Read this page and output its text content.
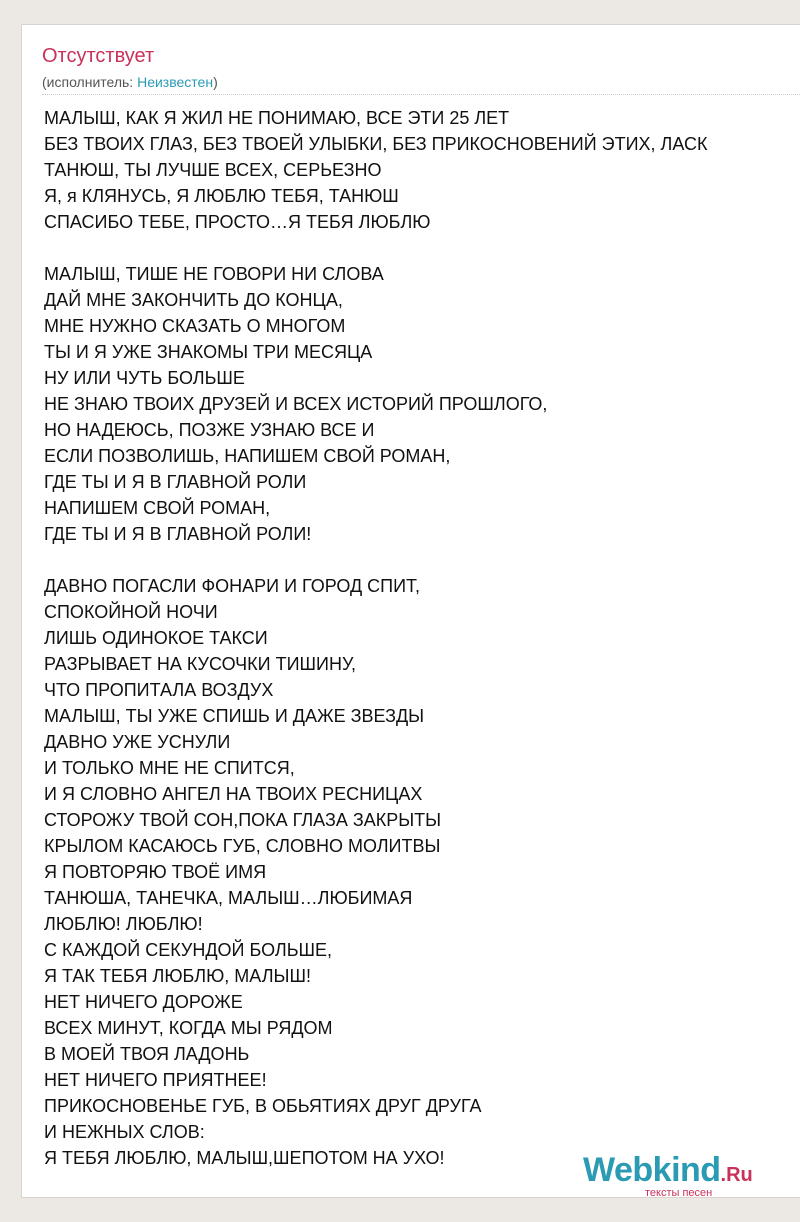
Отсутствует
(исполнитель: Неизвестен)
МАЛЫШ, КАК Я ЖИЛ НЕ ПОНИМАЮ, ВСЕ ЭТИ 25 ЛЕТ
БЕЗ ТВОИХ ГЛАЗ, БЕЗ ТВОЕЙ УЛЫБКИ, БЕЗ ПРИКОСНОВЕНИЙ ЭТИХ, ЛАСК
ТАНЮШ, ТЫ ЛУЧШЕ ВСЕХ, СЕРЬЕЗНО
Я, я КЛЯНУСЬ, Я ЛЮБЛЮ ТЕБЯ, ТАНЮШ
СПАСИБО ТЕБЕ, ПРОСТО…Я ТЕБЯ ЛЮБЛЮ
МАЛЫШ, ТИШЕ НЕ ГОВОРИ НИ СЛОВА
ДАЙ МНЕ ЗАКОНЧИТЬ ДО КОНЦА,
МНЕ НУЖНО СКАЗАТЬ О МНОГОМ
ТЫ И Я УЖЕ ЗНАКОМЫ ТРИ МЕСЯЦА
НУ ИЛИ ЧУТЬ БОЛЬШЕ
НЕ ЗНАЮ ТВОИХ ДРУЗЕЙ И ВСЕХ ИСТОРИЙ ПРОШЛОГО,
НО НАДЕЮСЬ, ПОЗЖЕ УЗНАЮ ВСЕ И
ЕСЛИ ПОЗВОЛИШЬ, НАПИШЕМ СВОЙ РОМАН,
ГДЕ ТЫ И Я В ГЛАВНОЙ РОЛИ
НАПИШЕМ СВОЙ РОМАН,
ГДЕ ТЫ И Я В ГЛАВНОЙ РОЛИ!
ДАВНО ПОГАСЛИ ФОНАРИ И ГОРОД СПИТ,
СПОКОЙНОЙ НОЧИ
ЛИШЬ ОДИНОКОЕ ТАКСИ
РАЗРЫВАЕТ НА КУСОЧКИ ТИШИНУ,
ЧТО ПРОПИТАЛА ВОЗДУХ
МАЛЫШ, ТЫ УЖЕ СПИШЬ И ДАЖЕ ЗВЕЗДЫ
ДАВНО УЖЕ УСНУЛИ
И ТОЛЬКО МНЕ НЕ СПИТСЯ,
И Я СЛОВНО АНГЕЛ НА ТВОИХ РЕСНИЦАХ
СТОРОЖУ ТВОЙ СОН,ПОКА ГЛАЗА ЗАКРЫТЫ
КРЫЛОМ КАСАЮСЬ ГУБ, СЛОВНО МОЛИТВЫ
Я ПОВТОРЯЮ ТВОЁ ИМЯ
ТАНЮША, ТАНЕЧКА, МАЛЫШ…ЛЮБИМАЯ
ЛЮБЛЮ! ЛЮБЛЮ!
С КАЖДОЙ СЕКУНДОЙ БОЛЬШЕ,
Я ТАК ТЕБЯ ЛЮБЛЮ, МАЛЫШ!
НЕТ НИЧЕГО ДОРОЖЕ
ВСЕХ МИНУТ, КОГДА МЫ РЯДОМ
В МОЕЙ ТВОЯ ЛАДОНЬ
НЕТ НИЧЕГО ПРИЯТНЕЕ!
ПРИКОСНОВЕНЬЕ ГУБ, В ОБЬЯТИЯХ ДРУГ ДРУГА
И НЕЖНЫХ СЛОВ:
Я ТЕБЯ ЛЮБЛЮ, МАЛЫШ,ШЕПОТОМ НА УХО!	Webkind.Ru
тексты песен
